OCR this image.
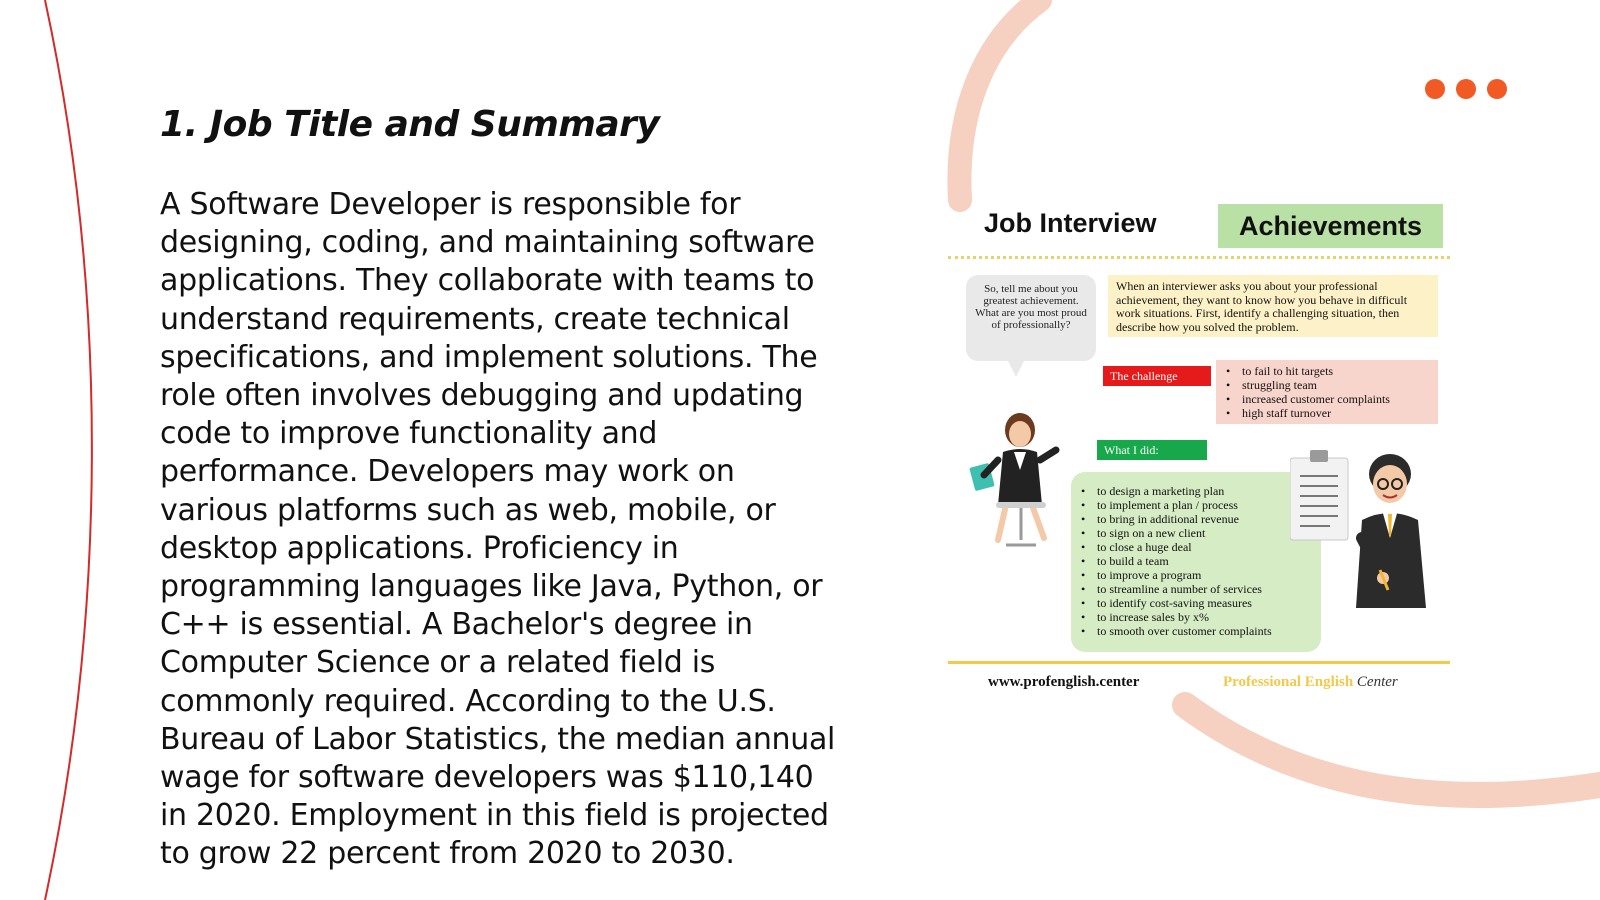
1. Job Title and Summary

A Software Developer is responsible for designing, coding, and maintaining software applications. They collaborate with teams to understand requirements, create technical specifications, and implement solutions. The role often involves debugging and updating code to improve functionality and performance. Developers may work on various platforms such as web, mobile, or desktop applications. Proficiency in programming languages like Java, Python, or C++ is essential. A Bachelor's degree in Computer Science or a related field is commonly required. According to the U.S. Bureau of Labor Statistics, the median annual wage for software developers was $110,140 in 2020. Employment in this field is projected to grow 22 percent from 2020 to 2030.

Job Interview	Achievements
So, tell me about you greatest achievement. What are you most proud of professionally?
When an interviewer asks you about your professional achievement, they want to know how you behave in difficult work situations. First, identify a challenging situation, then describe how you solved the problem.
The challenge
•	to fail to hit targets
• struggling team
• increased customer complaints
• high staff turnover
What I did:
• to design a marketing plan
• to implement a plan / process
• to bring in additional revenue
• to sign on a new client
• to close a huge deal
• to build a team
• to improve a program
• to streamline a number of services
• to identify cost-saving measures
• to increase sales by x%
• to smooth over customer complaints
www.profenglish.center	Professional English Center
